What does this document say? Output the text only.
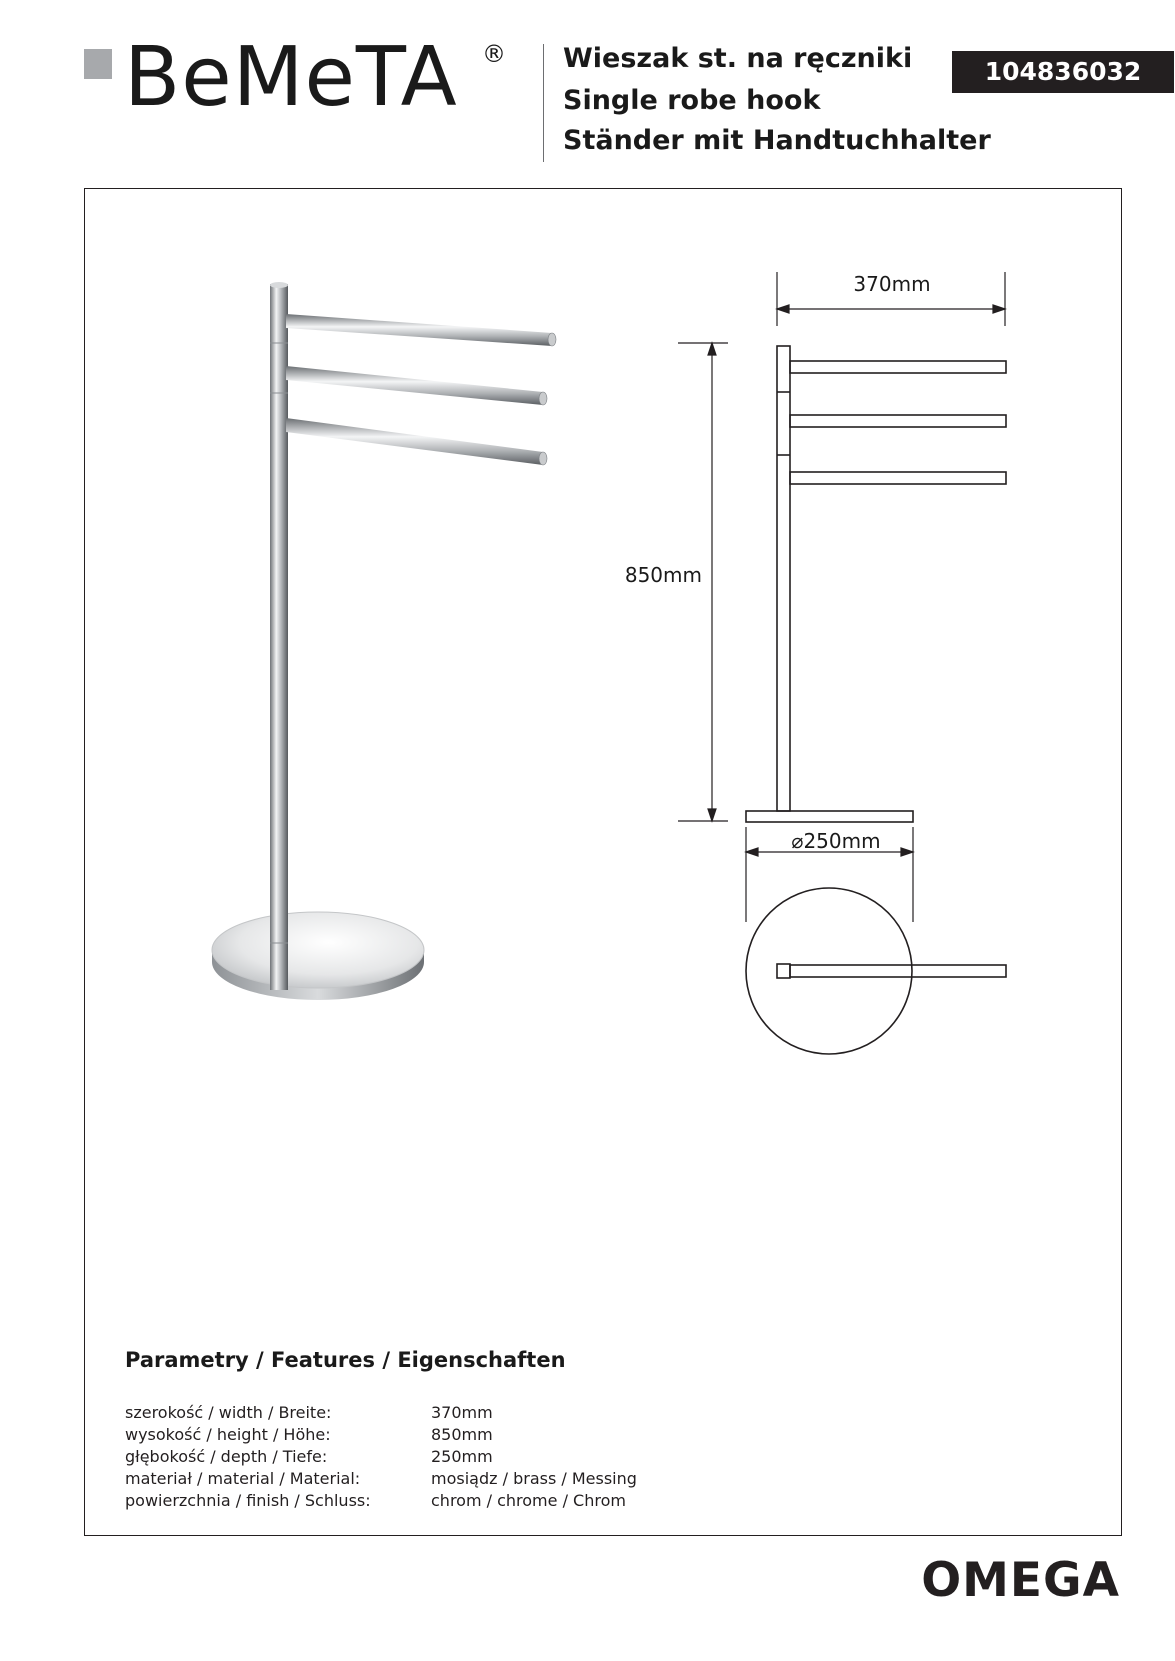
BeMeTA ® Wieszak st. na ręczniki
Single robe hook
Ständer mit Handtuchhalter
104836032
370mm
850mm
⌀250mm
Parametry / Features / Eigenschaften
szerokość / width / Breite:	370mm
wysokość / height / Höhe:	850mm
głębokość / depth / Tiefe:	250mm
materiał / material / Material:	mosiądz / brass / Messing
powierzchnia / finish / Schluss:	chrom / chrome / Chrom
OMEGA
